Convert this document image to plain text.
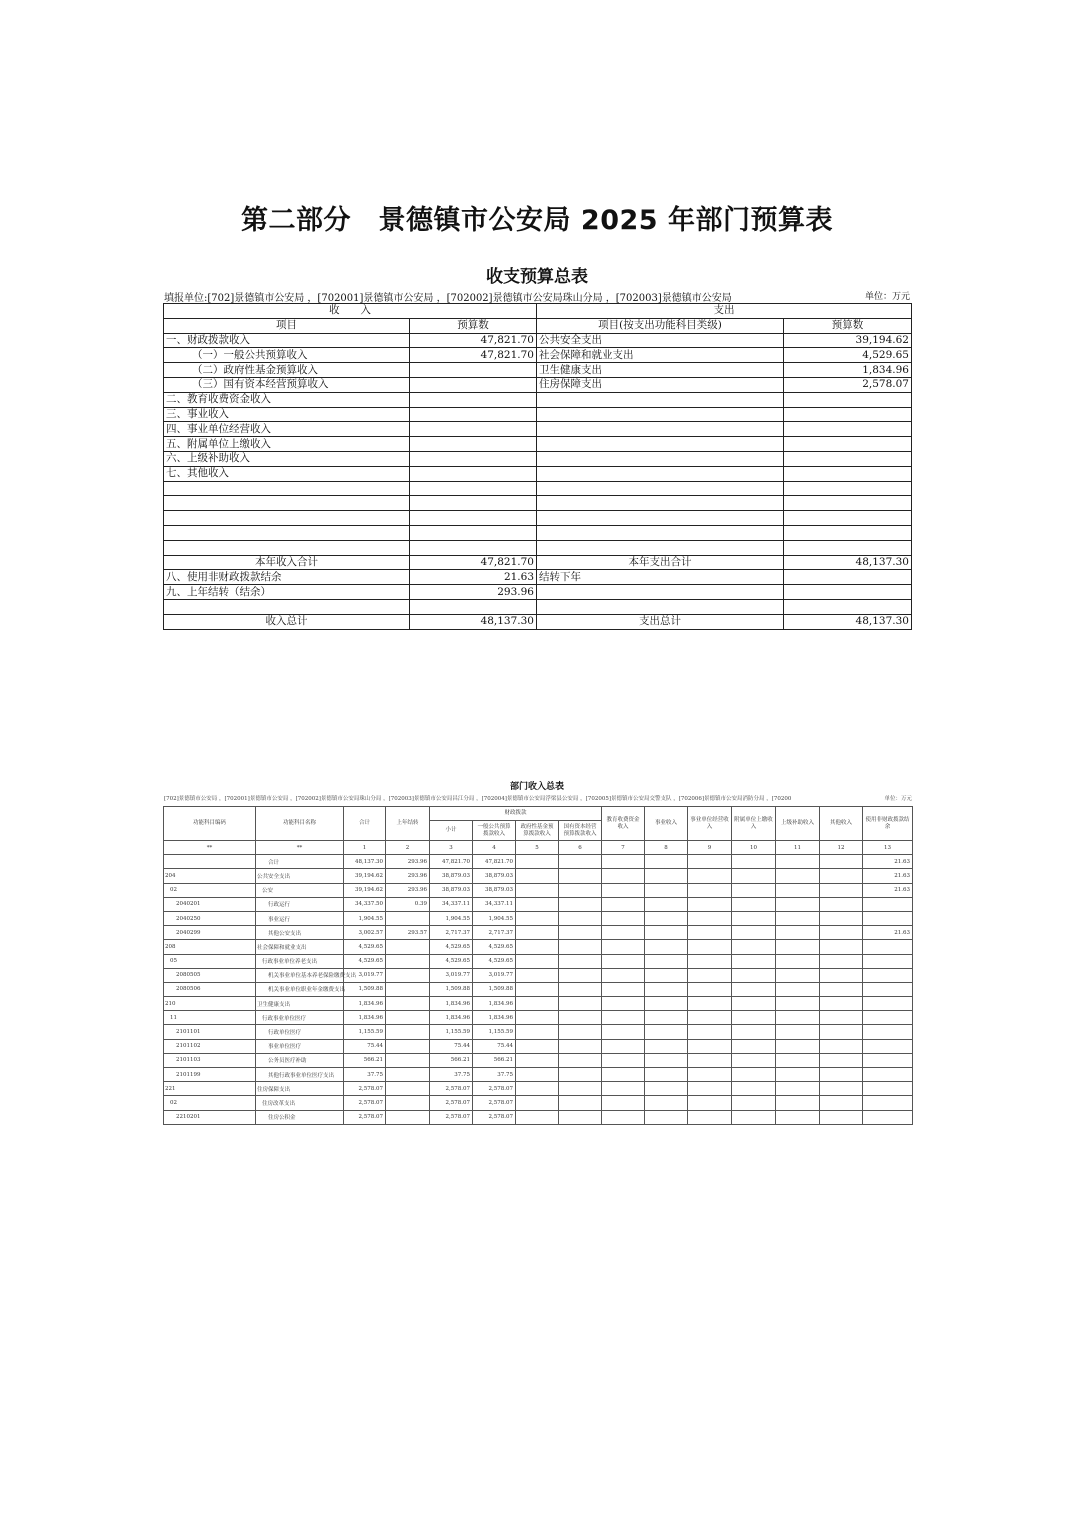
第二部分　景德镇市公安局 2025 年部门预算表
收支预算总表
填报单位:[702]景德镇市公安局 ，[702001]景德镇市公安局 ，[702002]景德镇市公安局珠山分局 ，[702003]景德镇市公安局	单位：万元
收　　入		支出	
项目	预算数	项目(按支出功能科目类级)	预算数
一、财政拨款收入	47,821.70	公共安全支出	39,194.62
（一）一般公共预算收入	47,821.70	社会保障和就业支出	4,529.65
（二）政府性基金预算收入		卫生健康支出	1,834.96
（三）国有资本经营预算收入		住房保障支出	2,578.07
二、教育收费资金收入			
三、事业收入			
四、事业单位经营收入			
五、附属单位上缴收入			
六、上级补助收入			
七、其他收入			

本年收入合计	47,821.70	本年支出合计	48,137.30
八、使用非财政拨款结余	21.63	结转下年	
九、上年结转（结余）	293.96		

收入总计	48,137.30	支出总计	48,137.30
部门收入总表
[702]景德镇市公安局 ，[702001]景德镇市公安局 ，[702002]景德镇市公安局珠山分局 ，[702003]景德镇市公安局昌江分局 ，[702004]景德镇市公安局浮梁县公安局 ，[702005]景德镇市公安局交警支队 ，[702006]景德镇市公安局消防分局 ，[70200	单位：万元
功能科目编码	功能科目名称	合计	上年结转	财政拨款				教育收费资金收入	事业收入	事业单位经营收入	附属单位上缴收入	上级补助收入	其他收入	使用非财政拨款结余
				小计	一般公共预算拨款收入	政府性基金预算拨款收入	国有资本经营预算拨款收入							
**	**	1	2	3	4	5	6	7	8	9	10	11	12	13
	合计	48,137.30	293.96	47,821.70	47,821.70									21.63
204	公共安全支出	39,194.62	293.96	38,879.03	38,879.03									21.63
02	公安	39,194.62	293.96	38,879.03	38,879.03									21.63
2040201	行政运行	34,337.50	0.39	34,337.11	34,337.11									
2040250	事业运行	1,904.55		1,904.55	1,904.55									
2040299	其他公安支出	3,002.57	293.57	2,717.37	2,717.37									21.63
208	社会保障和就业支出	4,529.65		4,529.65	4,529.65									
05	行政事业单位养老支出	4,529.65		4,529.65	4,529.65									
2080505	机关事业单位基本养老保险缴费支出	3,019.77		3,019.77	3,019.77									
2080506	机关事业单位职业年金缴费支出	1,509.88		1,509.88	1,509.88									
210	卫生健康支出	1,834.96		1,834.96	1,834.96									
11	行政事业单位医疗	1,834.96		1,834.96	1,834.96									
2101101	行政单位医疗	1,155.59		1,155.59	1,155.59									
2101102	事业单位医疗	75.44		75.44	75.44									
2101103	公务员医疗补助	566.21		566.21	566.21									
2101199	其他行政事业单位医疗支出	37.75		37.75	37.75									
221	住房保障支出	2,578.07		2,578.07	2,578.07									
02	住房改革支出	2,578.07		2,578.07	2,578.07									
2210201	住房公积金	2,578.07		2,578.07	2,578.07									
